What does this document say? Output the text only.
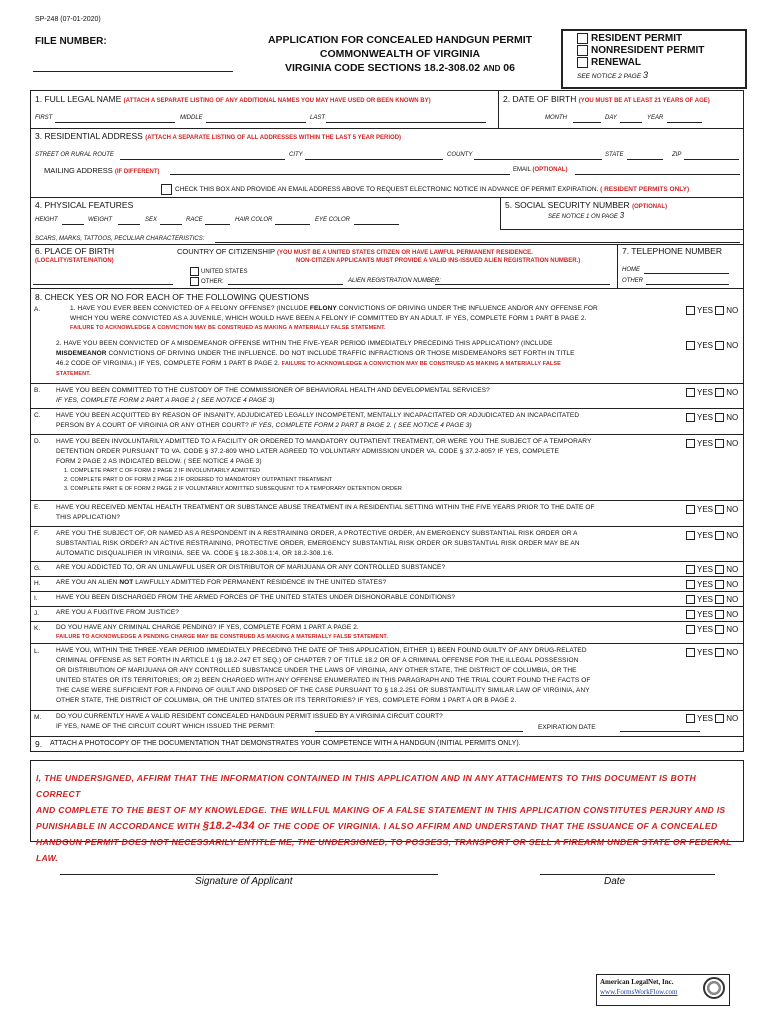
SP-248 (07-01-2020)
FILE NUMBER:	APPLICATION FOR CONCEALED HANDGUN PERMIT
COMMONWEALTH OF VIRGINIA
VIRGINIA CODE SECTIONS 18.2-308.02 AND 06
RESIDENT PERMIT
NONRESIDENT PERMIT
RENEWAL
SEE NOTICE 2 PAGE 3
1. FULL LEGAL NAME (ATTACH A SEPARATE LISTING OF ANY ADDITIONAL NAMES YOU MAY HAVE USED OR BEEN KNOWN BY)	2. DATE OF BIRTH (YOU MUST BE AT LEAST 21 YEARS OF AGE)
FIRST	MIDDLE	LAST	MONTH	DAY	YEAR
3. RESIDENTIAL ADDRESS (ATTACH A SEPARATE LISTING OF ALL ADDRESSES WITHIN THE LAST 5 YEAR PERIOD)
STREET OR RURAL ROUTE	CITY	COUNTY	STATE	ZIP
MAILING ADDRESS (IF DIFFERENT)	EMAIL (OPTIONAL)
CHECK THIS BOX AND PROVIDE AN EMAIL ADDRESS ABOVE TO REQUEST ELECTRONIC NOTICE IN ADVANCE OF PERMIT EXPIRATION. ( RESIDENT PERMITS ONLY)
4. PHYSICAL FEATURES	5. SOCIAL SECURITY NUMBER (OPTIONAL)
SEE NOTICE 1 ON PAGE 3
HEIGHT	WEIGHT	SEX	RACE	HAIR COLOR	EYE COLOR
SCARS, MARKS, TATTOOS, PECULIAR CHARACTERISTICS:
6. PLACE OF BIRTH
(LOCALITY/STATE/NATION)
COUNTRY OF CITIZENSHIP (YOU MUST BE A UNITED STATES CITIZEN OR HAVE LAWFUL PERMANENT RESIDENCE.
NON-CITIZEN APPLICANTS MUST PROVIDE A VALID INS-ISSUED ALIEN REGISTRATION NUMBER.)
UNITED STATES
OTHER:	ALIEN REGISTRATION NUMBER:
7. TELEPHONE NUMBER
HOME
OTHER
8. CHECK YES OR NO FOR EACH OF THE FOLLOWING QUESTIONS
A.	1. HAVE YOU EVER BEEN CONVICTED OF A FELONY OFFENSE? (INCLUDE FELONY CONVICTIONS OF DRIVING UNDER THE INFLUENCE AND/OR ANY OFFENSE FOR
WHICH YOU WERE CONVICTED AS A JUVENILE, WHICH WOULD HAVE BEEN A FELONY IF COMMITTED BY AN ADULT. IF YES, COMPLETE FORM 1 PART B PAGE 2.
FAILURE TO ACKNOWLEDGE A CONVICTION MAY BE CONSTRUED AS MAKING A MATERIALLY FALSE STATEMENT.
YES NO
2. HAVE YOU BEEN CONVICTED OF A MISDEMEANOR OFFENSE WITHIN THE FIVE-YEAR PERIOD IMMEDIATELY PRECEDING THIS APPLICATION? (INCLUDE
MISDEMEANOR CONVICTIONS OF DRIVING UNDER THE INFLUENCE. DO NOT INCLUDE TRAFFIC INFRACTIONS OR THOSE MISDEMEANORS SET FORTH IN TITLE
46.2 CODE OF VIRGINIA.) IF YES, COMPLETE FORM 1 PART B PAGE 2. FAILURE TO ACKNOWLEDGE A CONVICTION MAY BE CONSTRUED AS MAKING A MATERIALLY FALSE
STATEMENT.
YES NO
B. HAVE YOU BEEN COMMITTED TO THE CUSTODY OF THE COMMISSIONER OF BEHAVIORAL HEALTH AND DEVELOPMENTAL SERVICES?
IF YES, COMPLETE FORM 2 PART A PAGE 2 ( SEE NOTICE 4 PAGE 3)
YES NO
C. HAVE YOU BEEN ACQUITTED BY REASON OF INSANITY, ADJUDICATED LEGALLY INCOMPETENT, MENTALLY INCAPACITATED OR ADJUDICATED AN INCAPACITATED
PERSON BY A COURT OF VIRGINIA OR ANY OTHER COURT? IF YES, COMPLETE FORM 2 PART B PAGE 2. ( SEE NOTICE 4 PAGE 3)
YES NO
D. HAVE YOU BEEN INVOLUNTARILY ADMITTED TO A FACILITY OR ORDERED TO MANDATORY OUTPATIENT TREATMENT, OR WERE YOU THE SUBJECT OF A TEMPORARY
DETENTION ORDER PURSUANT TO VA. CODE § 37.2-809 WHO LATER AGREED TO VOLUNTARY ADMISSION UNDER VA. CODE § 37.2-805? IF YES, COMPLETE
FORM 2 PAGE 2 AS INDICATED BELOW. ( SEE NOTICE 4 PAGE 3)
1. COMPLETE PART C OF FORM 2 PAGE 2 IF INVOLUNTARILY ADMITTED
2. COMPLETE PART D OF FORM 2 PAGE 2 IF ORDERED TO MANDATORY OUTPATIENT TREATMENT
3. COMPLETE PART E OF FORM 2 PAGE 2 IF VOLUNTARILY ADMITTED SUBSEQUENT TO A TEMPORARY DETENTION ORDER
YES NO
E. HAVE YOU RECEIVED MENTAL HEALTH TREATMENT OR SUBSTANCE ABUSE TREATMENT IN A RESIDENTIAL SETTING WITHIN THE FIVE YEARS PRIOR TO THE DATE OF
THIS APPLICATION?
YES NO
F.	ARE YOU THE SUBJECT OF, OR NAMED AS A RESPONDENT IN A RESTRAINING ORDER, A PROTECTIVE ORDER, AN EMERGENCY SUBSTANTIAL RISK ORDER OR A
SUBSTANTIAL RISK ORDER? AN ACTIVE RESTRAINING, PROTECTIVE ORDER, EMERGENCY SUBSTANTIAL RISK ORDER OR SUBSTANTIAL RISK ORDER MAY BE AN
AUTOMATIC DISQUALIFIER IN VIRGINIA. SEE VA. CODE § 18.2-308.1:4, OR 18.2-308.1:6.
YES NO
G. ARE YOU ADDICTED TO, OR AN UNLAWFUL USER OR DISTRIBUTOR OF MARIJUANA OR ANY CONTROLLED SUBSTANCE?	YES NO
H. ARE YOU AN ALIEN NOT LAWFULLY ADMITTED FOR PERMANENT RESIDENCE IN THE UNITED STATES?	YES NO
I.	HAVE YOU BEEN DISCHARGED FROM THE ARMED FORCES OF THE UNITED STATES UNDER DISHONORABLE CONDITIONS?	YES NO
J.	ARE YOU A FUGITIVE FROM JUSTICE?	YES NO
K. DO YOU HAVE ANY CRIMINAL CHARGE PENDING? IF YES, COMPLETE FORM 1 PART A PAGE 2.
FAILURE TO ACKNOWLEDGE A PENDING CHARGE MAY BE CONSTRUED AS MAKING A MATERIALLY FALSE STATEMENT.
YES NO
L.	HAVE YOU, WITHIN THE THREE-YEAR PERIOD IMMEDIATELY PRECEDING THE DATE OF THIS APPLICATION, EITHER 1) BEEN FOUND GUILTY OF ANY DRUG-RELATED
CRIMINAL OFFENSE AS SET FORTH IN ARTICLE 1 (§ 18.2-247 ET SEQ.) OF CHAPTER 7 OF TITLE 18.2 OR OF A CRIMINAL OFFENSE FOR THE ILLEGAL POSSESSION
OR DISTRIBUTION OF MARIJUANA OR ANY CONTROLLED SUBSTANCE UNDER THE LAWS OF VIRGINIA, ANY OTHER STATE, THE DISTRICT OF COLUMBIA, OR THE
UNITED STATES OR ITS TERRITORIES; OR 2) BEEN CHARGED WITH ANY OFFENSE ENUMERATED IN THIS PARAGRAPH AND THE TRIAL COURT FOUND THE FACTS OF
THE CASE WERE SUFFICIENT FOR A FINDING OF GUILT AND DISPOSED OF THE CASE PURSUANT TO § 18.2-251 OR SUBSTANTIALITY SIMILAR LAW OF VIRGINIA, ANY
OTHER STATE, THE DISTRICT OF COLUMBIA, OR THE UNITED STATES OR ITS TERRITORIES? IF YES, COMPLETE FORM 1 PART A OR B PAGE 2.
YES NO
M. DO YOU CURRENTLY HAVE A VALID RESIDENT CONCEALED HANDGUN PERMIT ISSUED BY A VIRGINIA CIRCUIT COURT?
IF YES, NAME OF THE CIRCUIT COURT WHICH ISSUED THE PERMIT:	EXPIRATION DATE
YES NO
9. ATTACH A PHOTOCOPY OF THE DOCUMENTATION THAT DEMONSTRATES YOUR COMPETENCE WITH A HANDGUN (INITIAL PERMITS ONLY).
I, THE UNDERSIGNED, AFFIRM THAT THE INFORMATION CONTAINED IN THIS APPLICATION AND IN ANY ATTACHMENTS TO THIS DOCUMENT IS BOTH CORRECT
AND COMPLETE TO THE BEST OF MY KNOWLEDGE. THE WILLFUL MAKING OF A FALSE STATEMENT IN THIS APPLICATION CONSTITUTES PERJURY AND IS
PUNISHABLE IN ACCORDANCE WITH §18.2-434 OF THE CODE OF VIRGINIA. I ALSO AFFIRM AND UNDERSTAND THAT THE ISSUANCE OF A CONCEALED
HANDGUN PERMIT DOES NOT NECESSARILY ENTITLE ME, THE UNDERSIGNED, TO POSSESS, TRANSPORT OR SELL A FIREARM UNDER STATE OR FEDERAL LAW.
Signature of Applicant	Date
American LegalNet, Inc.
www.FormsWorkFlow.com
